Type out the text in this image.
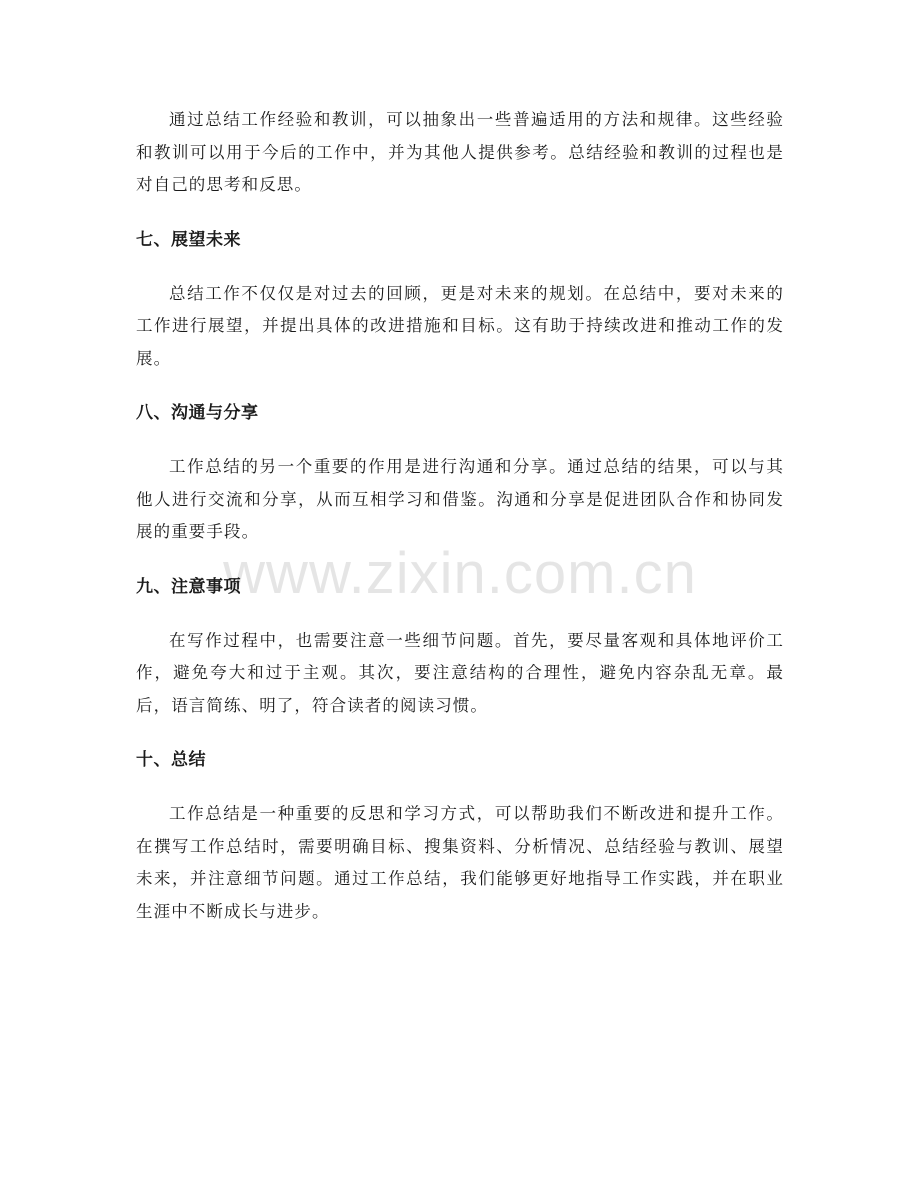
通过总结工作经验和教训，可以抽象出一些普遍适用的方法和规律。这些经验和教训可以用于今后的工作中，并为其他人提供参考。总结经验和教训的过程也是对自己的思考和反思。

七、展望未来

总结工作不仅仅是对过去的回顾，更是对未来的规划。在总结中，要对未来的工作进行展望，并提出具体的改进措施和目标。这有助于持续改进和推动工作的发展。

八、沟通与分享

工作总结的另一个重要的作用是进行沟通和分享。通过总结的结果，可以与其他人进行交流和分享，从而互相学习和借鉴。沟通和分享是促进团队合作和协同发展的重要手段。

九、注意事项

在写作过程中，也需要注意一些细节问题。首先，要尽量客观和具体地评价工作，避免夸大和过于主观。其次，要注意结构的合理性，避免内容杂乱无章。最后，语言简练、明了，符合读者的阅读习惯。

十、总结

工作总结是一种重要的反思和学习方式，可以帮助我们不断改进和提升工作。在撰写工作总结时，需要明确目标、搜集资料、分析情况、总结经验与教训、展望未来，并注意细节问题。通过工作总结，我们能够更好地指导工作实践，并在职业生涯中不断成长与进步。

www.zixin.com.cn
